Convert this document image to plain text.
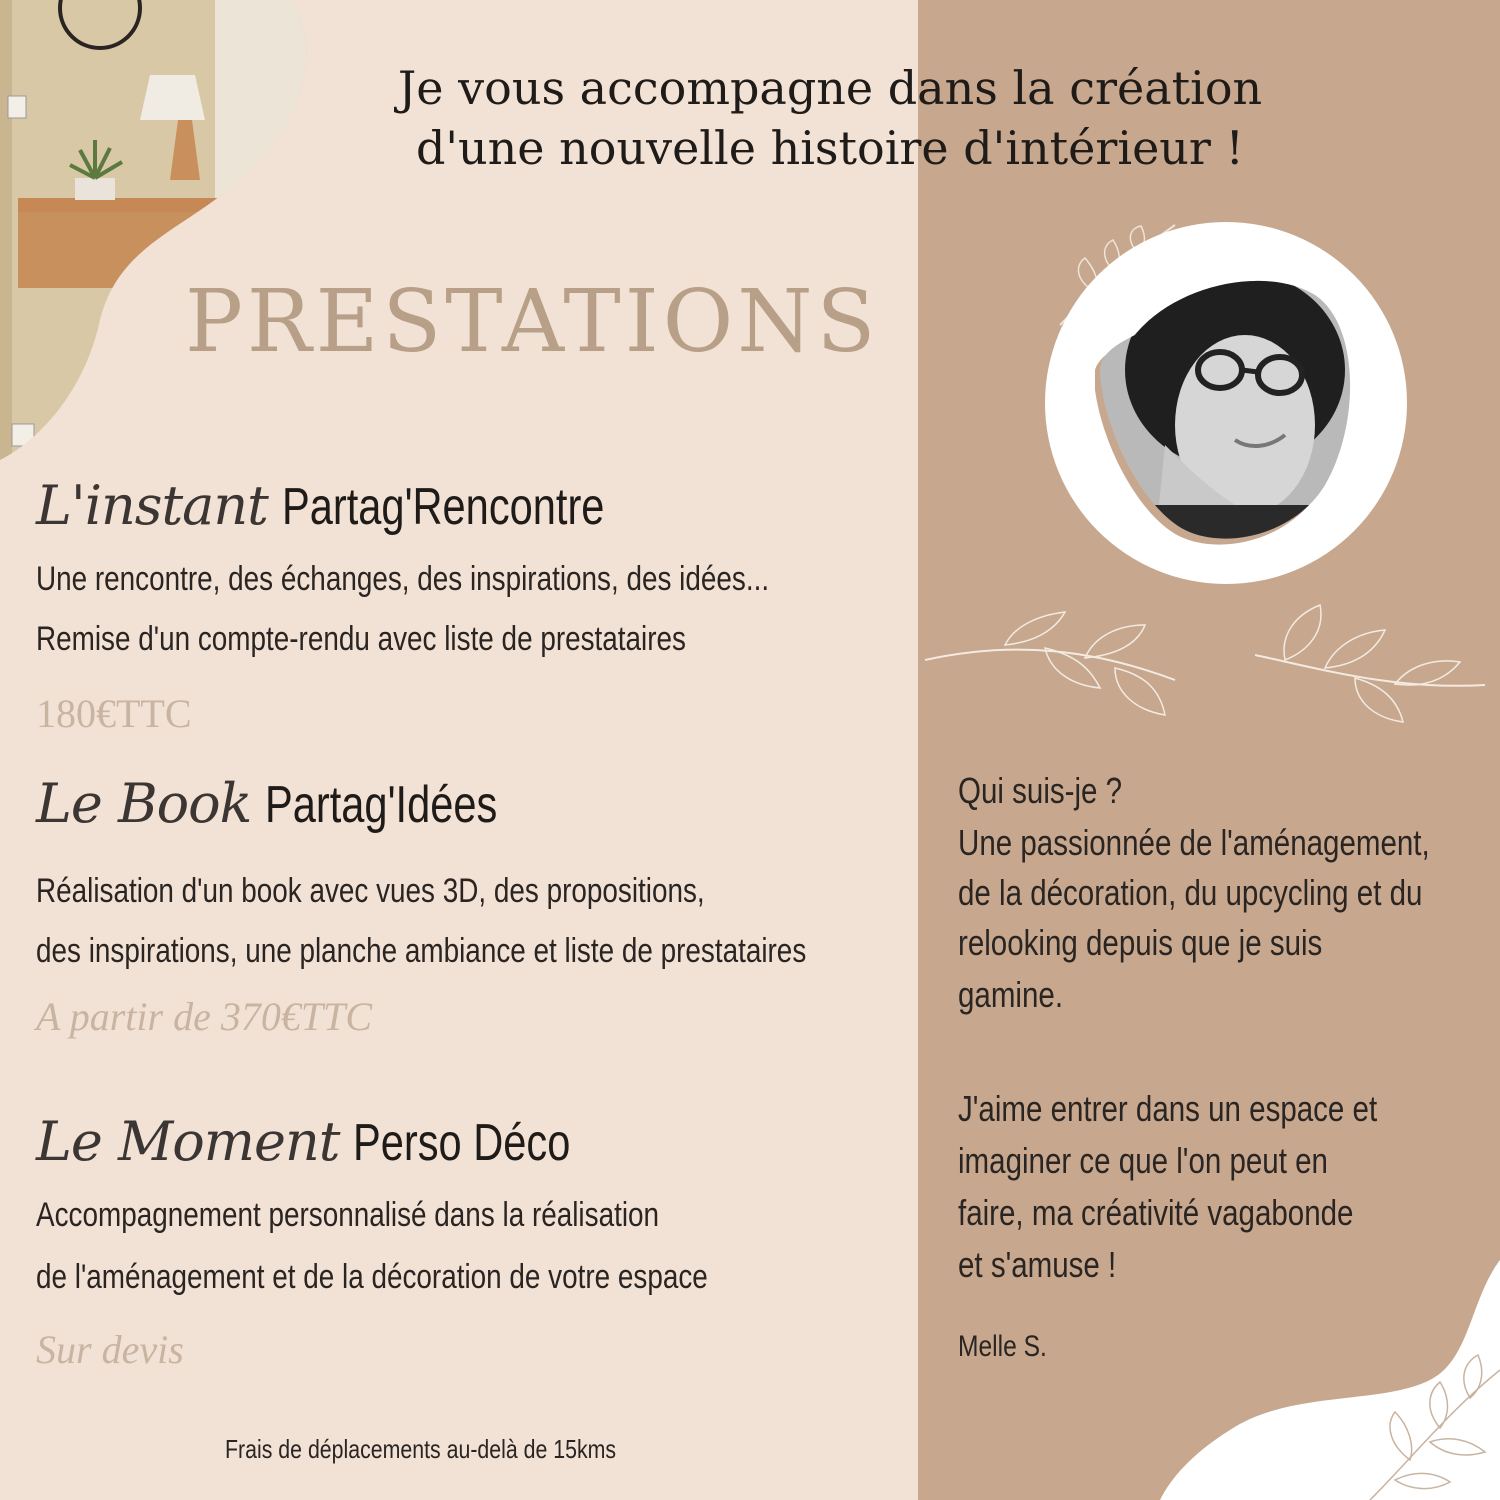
Je vous accompagne dans la création
d'une nouvelle histoire d'intérieur !
PRESTATIONS
L'instant Partag'Rencontre
Une rencontre, des échanges, des inspirations, des idées...
Remise d'un compte-rendu avec liste de prestataires
180€TTC
Le Book Partag'Idées
Réalisation d'un book avec vues 3D, des propositions,
des inspirations, une planche ambiance et liste de prestataires
A partir de 370€TTC
Le Moment Perso Déco
Accompagnement personnalisé dans la réalisation
de l'aménagement et de la décoration de votre espace
Sur devis
Frais de déplacements au-delà de 15kms
Qui suis-je ?
Une passionnée de l'aménagement,
de la décoration, du upcycling et du
relooking depuis que je suis
gamine.
J'aime entrer dans un espace et
imaginer ce que l'on peut en
faire, ma créativité vagabonde
et s'amuse !
Melle S.
